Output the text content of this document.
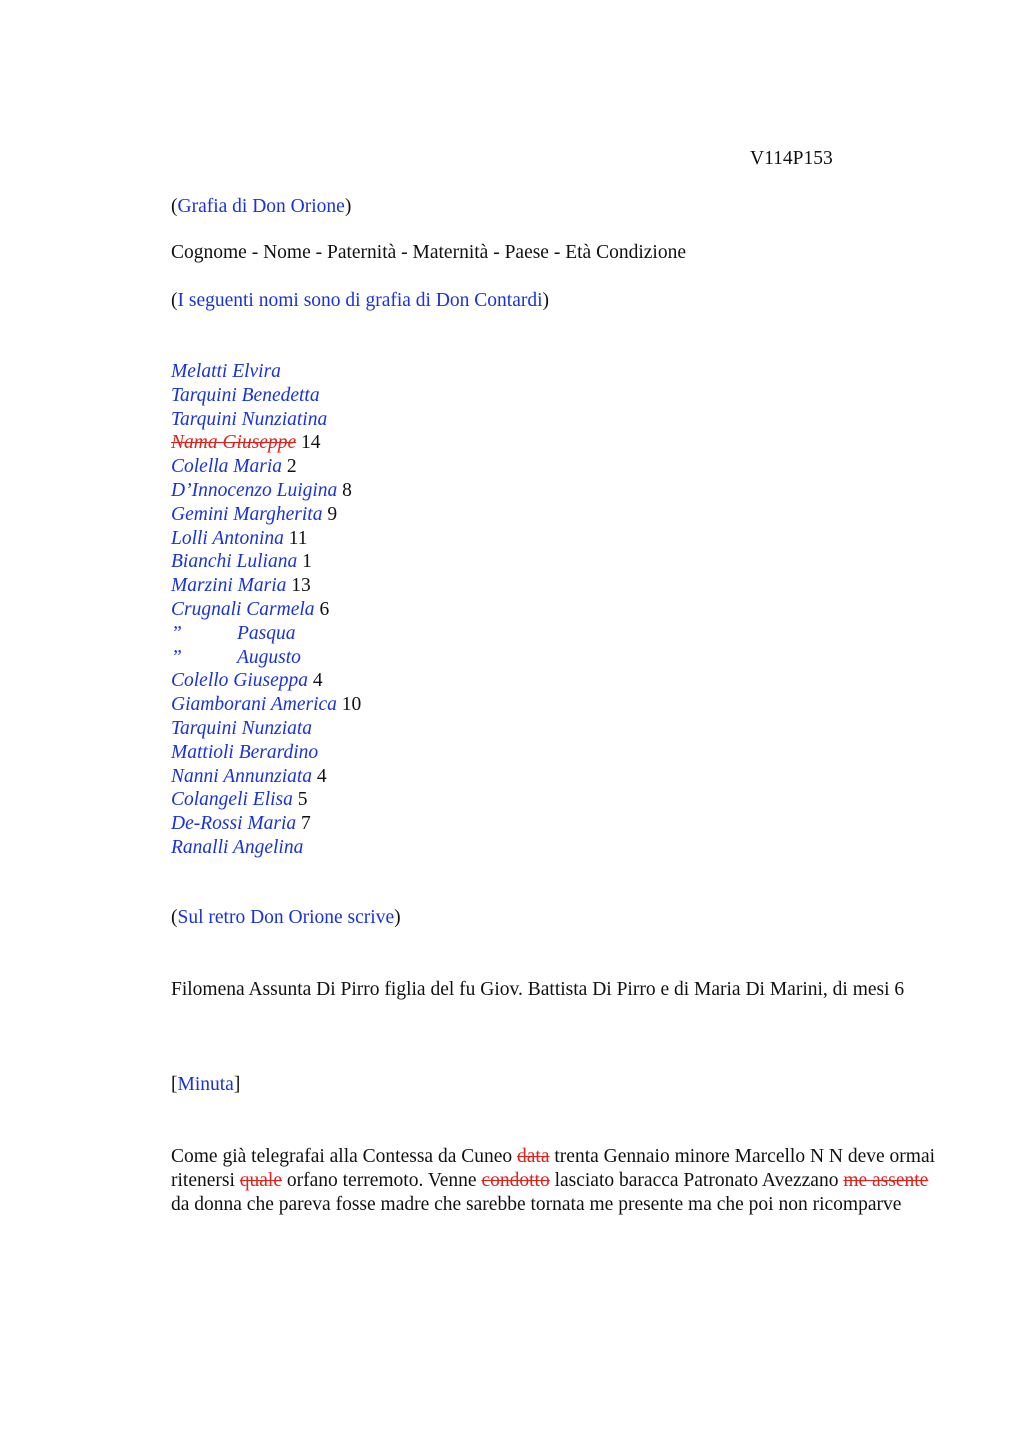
V114P153
(Grafia di Don Orione)
Cognome - Nome - Paternità - Maternità - Paese - Età Condizione
(I seguenti nomi sono di grafia di Don Contardi)
Melatti Elvira
Tarquini Benedetta
Tarquini Nunziatina
Nama Giuseppe 14
Colella Maria 2
D’Innocenzo Luigina 8
Gemini Margherita 9
Lolli Antonina 11
Bianchi Luliana 1
Marzini Maria 13
Crugnali Carmela 6
”	Pasqua
”	Augusto
Colello Giuseppa 4
Giamborani America 10
Tarquini Nunziata
Mattioli Berardino
Nanni Annunziata 4
Colangeli Elisa 5
De-Rossi Maria 7
Ranalli Angelina
(Sul retro Don Orione scrive)
Filomena Assunta Di Pirro figlia del fu Giov. Battista Di Pirro e di Maria Di Marini, di mesi 6
[Minuta]
Come già telegrafai alla Contessa da Cuneo data trenta Gennaio minore Marcello N N deve ormai ritenersi quale orfano terremoto. Venne condotto lasciato baracca Patronato Avezzano me assente da donna che pareva fosse madre che sarebbe tornata me presente ma che poi non ricomparve
